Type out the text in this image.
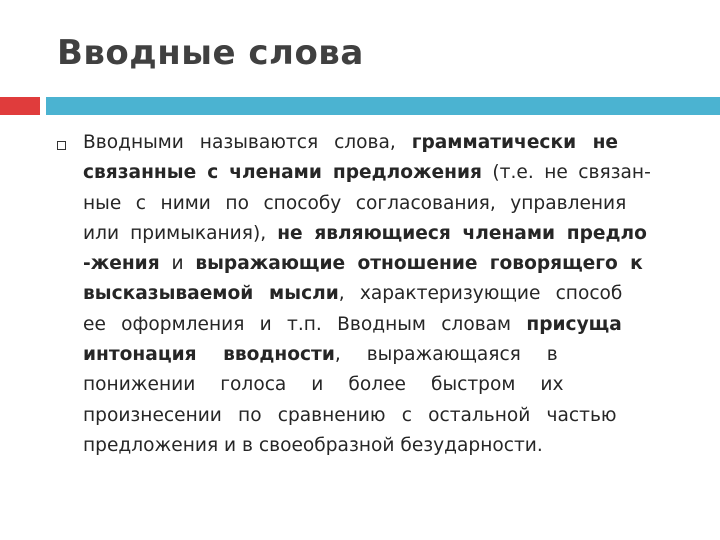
Вводные слова
Вводными называются слова, грамматически не
связанные с членами предложения (т.е. не связан-
ные с ними по способу согласования, управления
или примыкания), не являющиеся членами предло
-жения и выражающие отношение говорящего к
высказываемой мысли, характеризующие способ
ее оформления и т.п. Вводным словам присуща
интонация вводности, выражающаяся в
понижении голоса и более быстром их
произнесении по сравнению с остальной частью
предложения и в своеобразной безударности.
